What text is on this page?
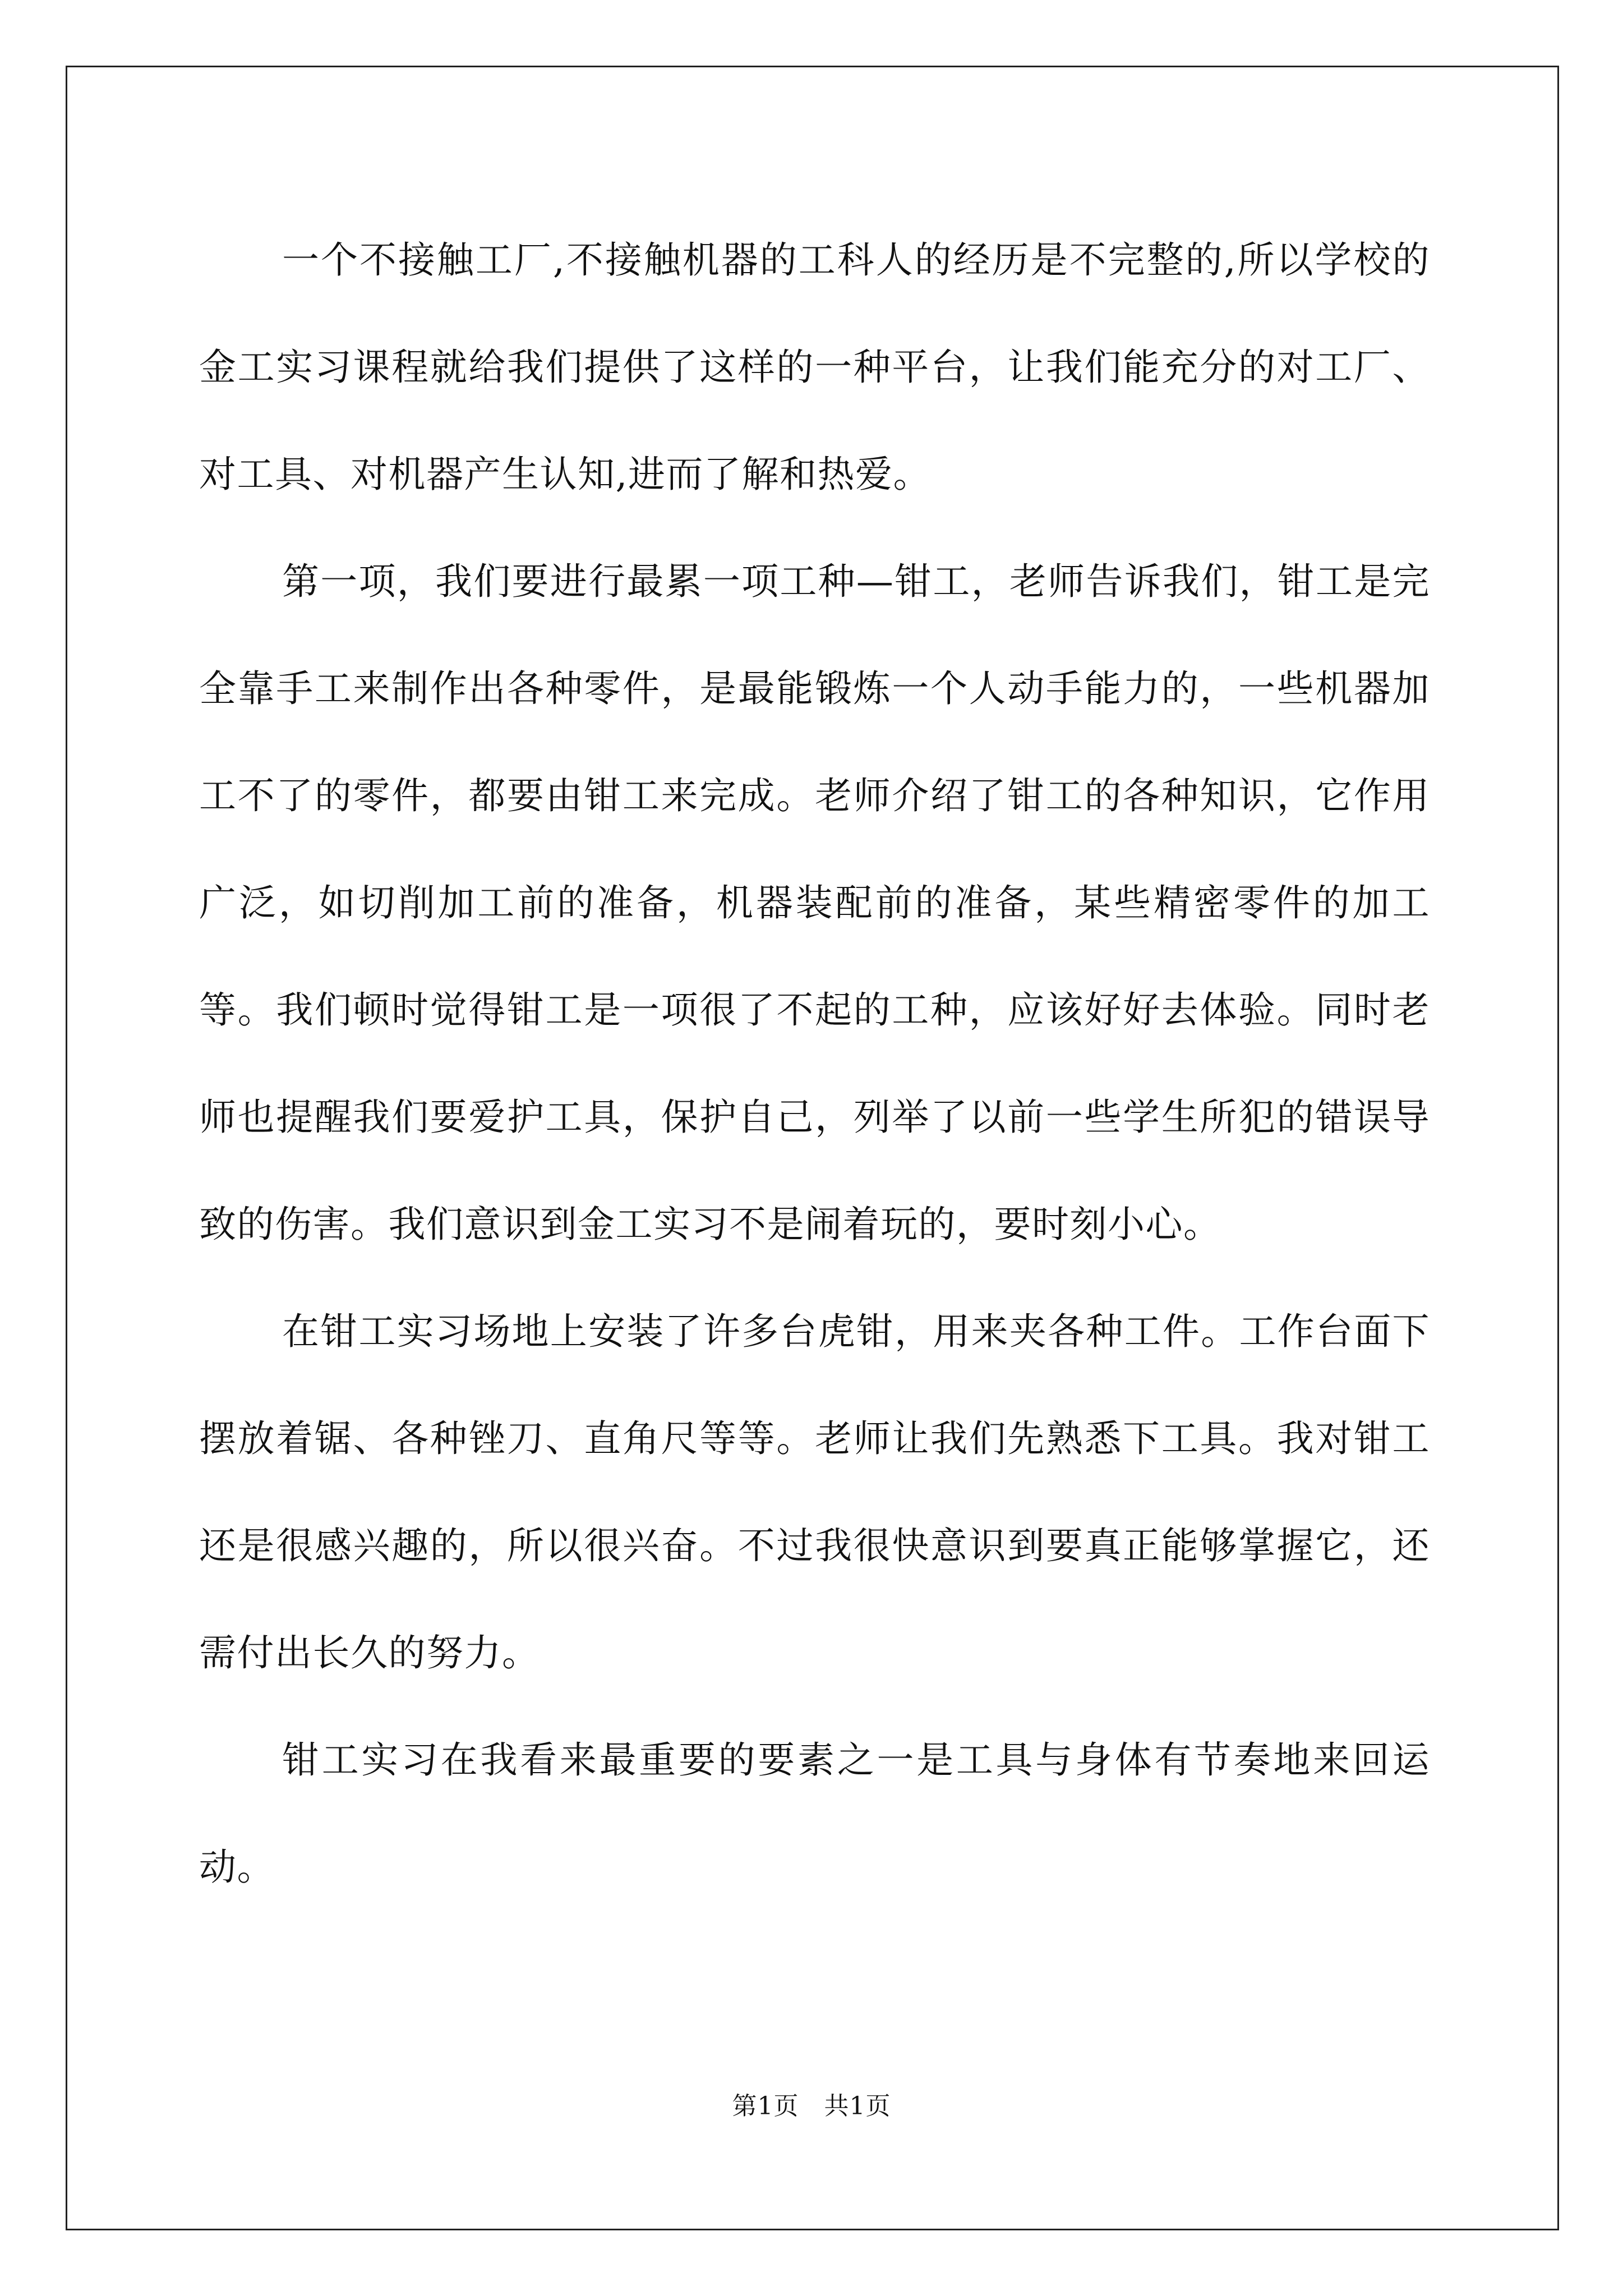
一个不接触工厂,不接触机器的工科人的经历是不完整的,所以学校的金工实习课程就给我们提供了这样的一种平台，让我们能充分的对工厂、对工具、对机器产生认知,进而了解和热爱。

第一项，我们要进行最累一项工种—钳工，老师告诉我们，钳工是完全靠手工来制作出各种零件，是最能锻炼一个人动手能力的，一些机器加工不了的零件，都要由钳工来完成。老师介绍了钳工的各种知识，它作用广泛，如切削加工前的准备，机器装配前的准备，某些精密零件的加工等。我们顿时觉得钳工是一项很了不起的工种，应该好好去体验。同时老师也提醒我们要爱护工具，保护自己，列举了以前一些学生所犯的错误导致的伤害。我们意识到金工实习不是闹着玩的，要时刻小心。

在钳工实习场地上安装了许多台虎钳，用来夹各种工件。工作台面下摆放着锯、各种锉刀、直角尺等等。老师让我们先熟悉下工具。我对钳工还是很感兴趣的，所以很兴奋。不过我很快意识到要真正能够掌握它，还需付出长久的努力。

钳工实习在我看来最重要的要素之一是工具与身体有节奏地来回运动。

第1页   共1页
